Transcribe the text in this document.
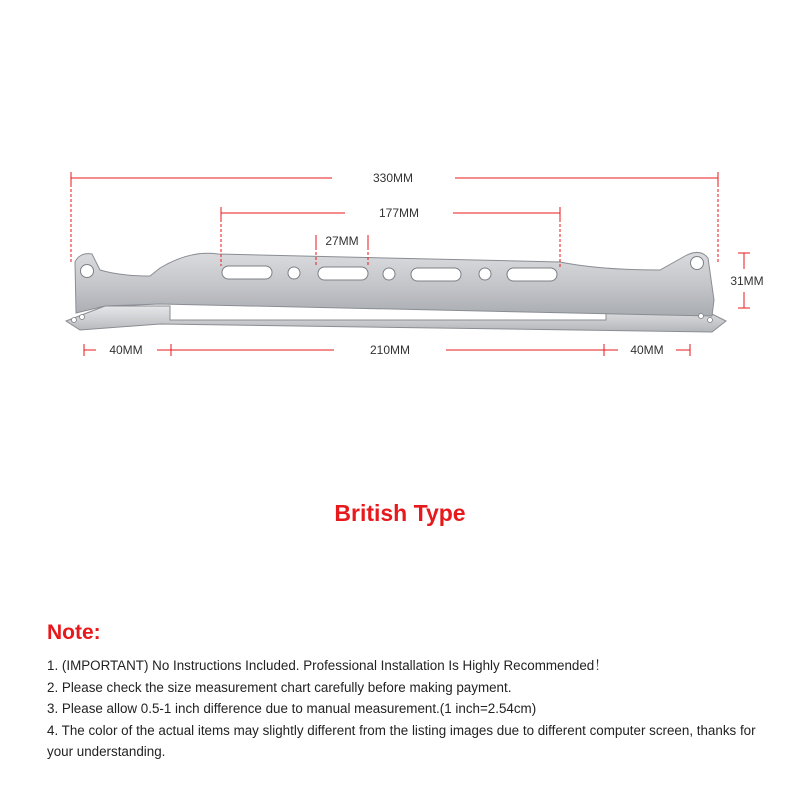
330MM
177MM
27MM
31MM
40MM	210MM	40MM
British Type
Note:
1. (IMPORTANT) No Instructions Included. Professional Installation Is Highly Recommended！
2. Please check the size measurement chart carefully before making payment.
3. Please allow 0.5-1 inch difference due to manual measurement.(1 inch=2.54cm)
4. The color of the actual items may slightly different from the listing images due to different computer screen, thanks for your understanding.
